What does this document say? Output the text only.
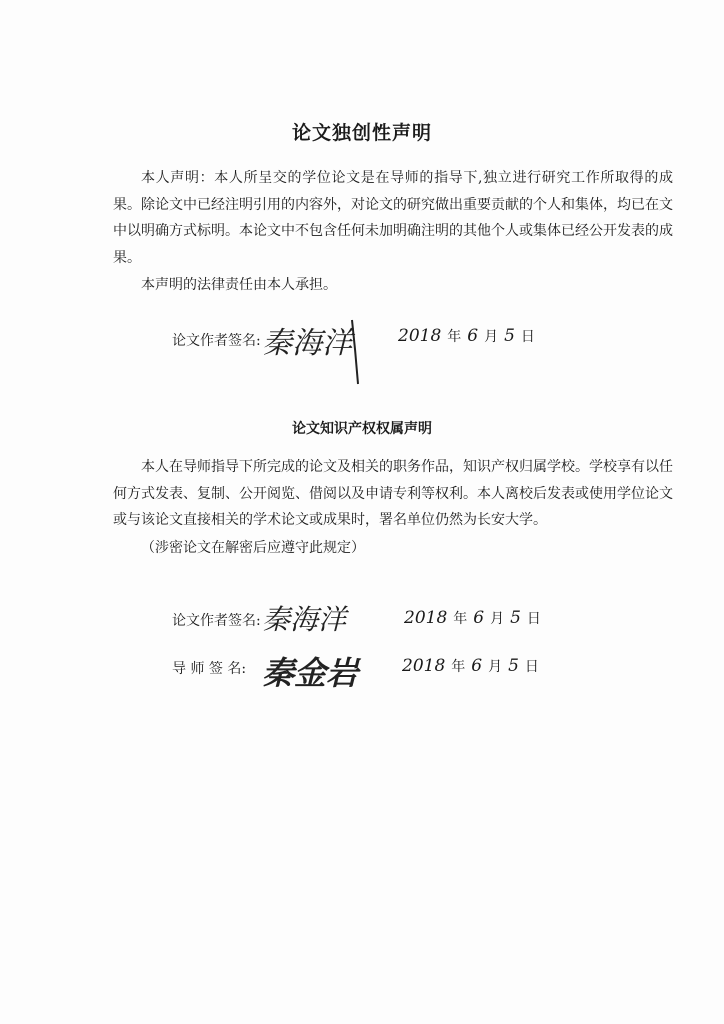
论文独创性声明

本人声明：本人所呈交的学位论文是在导师的指导下,独立进行研究工作所取得的成果。除论文中已经注明引用的内容外，对论文的研究做出重要贡献的个人和集体，均已在文中以明确方式标明。本论文中不包含任何未加明确注明的其他个人或集体已经公开发表的成果。

本声明的法律责任由本人承担。

论文作者签名: 秦海洋	2018 年 6 月 5 日
论文知识产权权属声明

本人在导师指导下所完成的论文及相关的职务作品，知识产权归属学校。学校享有以任何方式发表、复制、公开阅览、借阅以及申请专利等权利。本人离校后发表或使用学位论文或与该论文直接相关的学术论文或成果时，署名单位仍然为长安大学。

（涉密论文在解密后应遵守此规定）

论文作者签名: 秦海洋	2018 年 6 月 5 日
导 师 签 名: 秦金岩	2018 年 6 月 5 日
